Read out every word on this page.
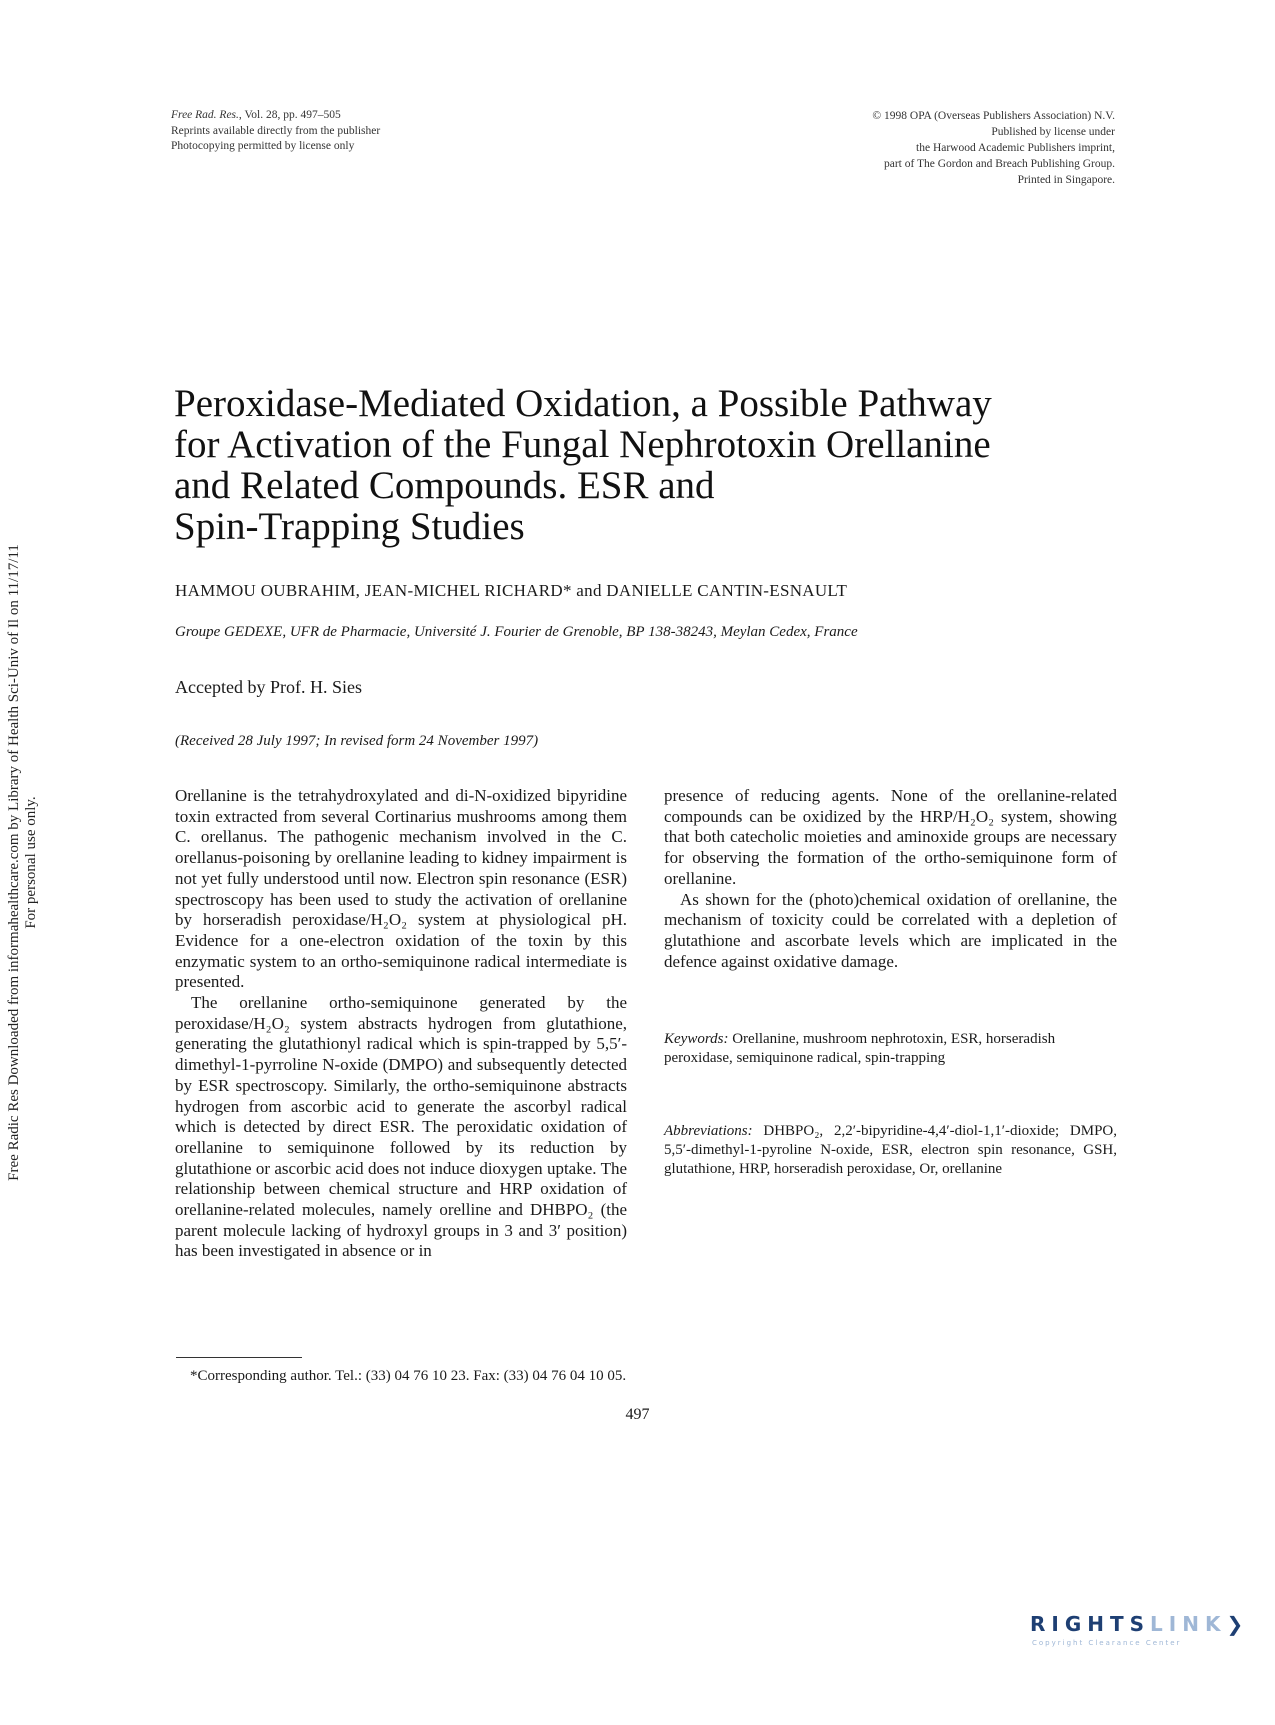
Free Rad. Res., Vol. 28, pp. 497–505
Reprints available directly from the publisher
Photocopying permitted by license only
© 1998 OPA (Overseas Publishers Association) N.V.
Published by license under
the Harwood Academic Publishers imprint,
part of The Gordon and Breach Publishing Group.
Printed in Singapore.
Free Radic Res Downloaded from informahealthcare.com by Library of Health Sci-Univ of Il on 11/17/11 For personal use only.
Peroxidase-Mediated Oxidation, a Possible Pathway
for Activation of the Fungal Nephrotoxin Orellanine
and Related Compounds. ESR and
Spin-Trapping Studies
HAMMOU OUBRAHIM, JEAN-MICHEL RICHARD* and DANIELLE CANTIN-ESNAULT
Groupe GEDEXE, UFR de Pharmacie, Université J. Fourier de Grenoble, BP 138-38243, Meylan Cedex, France
Accepted by Prof. H. Sies
(Received 28 July 1997; In revised form 24 November 1997)

Orellanine is the tetrahydroxylated and di-N-oxidized bipyridine toxin extracted from several Cortinarius mushrooms among them C. orellanus. The pathogenic mechanism involved in the C. orellanus-poisoning by orellanine leading to kidney impairment is not yet fully understood until now. Electron spin resonance (ESR) spectroscopy has been used to study the activation of orellanine by horseradish peroxidase/H₂O₂ system at physiological pH. Evidence for a one-electron oxidation of the toxin by this enzymatic system to an ortho-semiquinone radical intermediate is presented.

The orellanine ortho-semiquinone generated by the peroxidase/H₂O₂ system abstracts hydrogen from glutathione, generating the glutathionyl radical which is spin-trapped by 5,5′-dimethyl-1-pyrroline N-oxide (DMPO) and subsequently detected by ESR spectroscopy. Similarly, the ortho-semiquinone abstracts hydrogen from ascorbic acid to generate the ascorbyl radical which is detected by direct ESR. The peroxidatic oxidation of orellanine to semiquinone followed by its reduction by glutathione or ascorbic acid does not induce dioxygen uptake. The relationship between chemical structure and HRP oxidation of orellanine-related molecules, namely orelline and DHBPO₂ (the parent molecule lacking of hydroxyl groups in 3 and 3′ position) has been investigated in absence or in

presence of reducing agents. None of the orellanine-related compounds can be oxidized by the HRP/H₂O₂ system, showing that both catecholic moieties and aminoxide groups are necessary for observing the formation of the ortho-semiquinone form of orellanine.

As shown for the (photo)chemical oxidation of orellanine, the mechanism of toxicity could be correlated with a depletion of glutathione and ascorbate levels which are implicated in the defence against oxidative damage.

Keywords: Orellanine, mushroom nephrotoxin, ESR, horseradish peroxidase, semiquinone radical, spin-trapping
Abbreviations: DHBPO₂, 2,2′-bipyridine-4,4′-diol-1,1′-dioxide; DMPO, 5,5′-dimethyl-1-pyroline N-oxide, ESR, electron spin resonance, GSH, glutathione, HRP, horseradish peroxidase, Or, orellanine
*Corresponding author. Tel.: (33) 04 76 10 23. Fax: (33) 04 76 04 10 05.
497
RIGHTSLINK❯
Copyright Clearance Center
